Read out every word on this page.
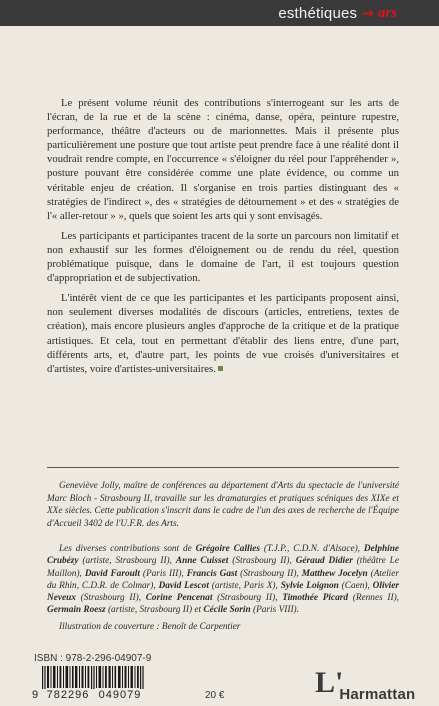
esthétiques → ars

Le présent volume réunit des contributions s'interrogeant sur les arts de l'écran, de la rue et de la scène : cinéma, danse, opéra, peinture rupestre, performance, théâtre d'acteurs ou de marionnettes. Mais il présente plus particulièrement une posture que tout artiste peut prendre face à une réalité dont il voudrait rendre compte, en l'occurrence « s'éloigner du réel pour l'appréhender », posture pouvant être considérée comme une plate évidence, ou comme un véritable enjeu de création. Il s'organise en trois parties distinguant des « stratégies de l'indirect », des « stratégies de détournement » et des « stratégies de l'« aller-retour » », quels que soient les arts qui y sont envisagés.

Les participants et participantes tracent de la sorte un parcours non limitatif et non exhaustif sur les formes d'éloignement ou de rendu du réel, question problématique puisque, dans le domaine de l'art, il est toujours question d'appropriation et de subjectivation.

L'intérêt vient de ce que les participantes et les participants proposent ainsi, non seulement diverses modalités de discours (articles, entretiens, textes de création), mais encore plusieurs angles d'approche de la critique et de la pratique artistiques. Et cela, tout en permettant d'établir des liens entre, d'une part, différents arts, et, d'autre part, les points de vue croisés d'universitaires et d'artistes, voire d'artistes-universitaires.

Geneviève Jolly, maître de conférences au département d'Arts du spectacle de l'université Marc Bloch - Strasbourg II, travaille sur les dramaturgies et pratiques scéniques des XIXe et XXe siècles. Cette publication s'inscrit dans le cadre de l'un des axes de recherche de l'Équipe d'Accueil 3402 de l'U.F.R. des Arts.

Les diverses contributions sont de Grégoire Callies (T.J.P., C.D.N. d'Alsace), Delphine Crubézy (artiste, Strasbourg II), Anne Cuisset (Strasbourg II), Géraud Didier (théâtre Le Maillon), David Faroult (Paris III), Francis Gast (Strasbourg II), Matthew Jocelyn (Atelier du Rhin, C.D.R. de Colmar), David Lescot (artiste, Paris X), Sylvie Loignon (Caen), Olivier Neveux (Strasbourg II), Corine Pencenat (Strasbourg II), Timothée Picard (Rennes II), Germain Roesz (artiste, Strasbourg II) et Cécile Sorin (Paris VIII).

Illustration de couverture : Benoît de Carpentier

ISBN : 978-2-296-04907-9
9 782296 049079	20 €	L'
Harmattan
